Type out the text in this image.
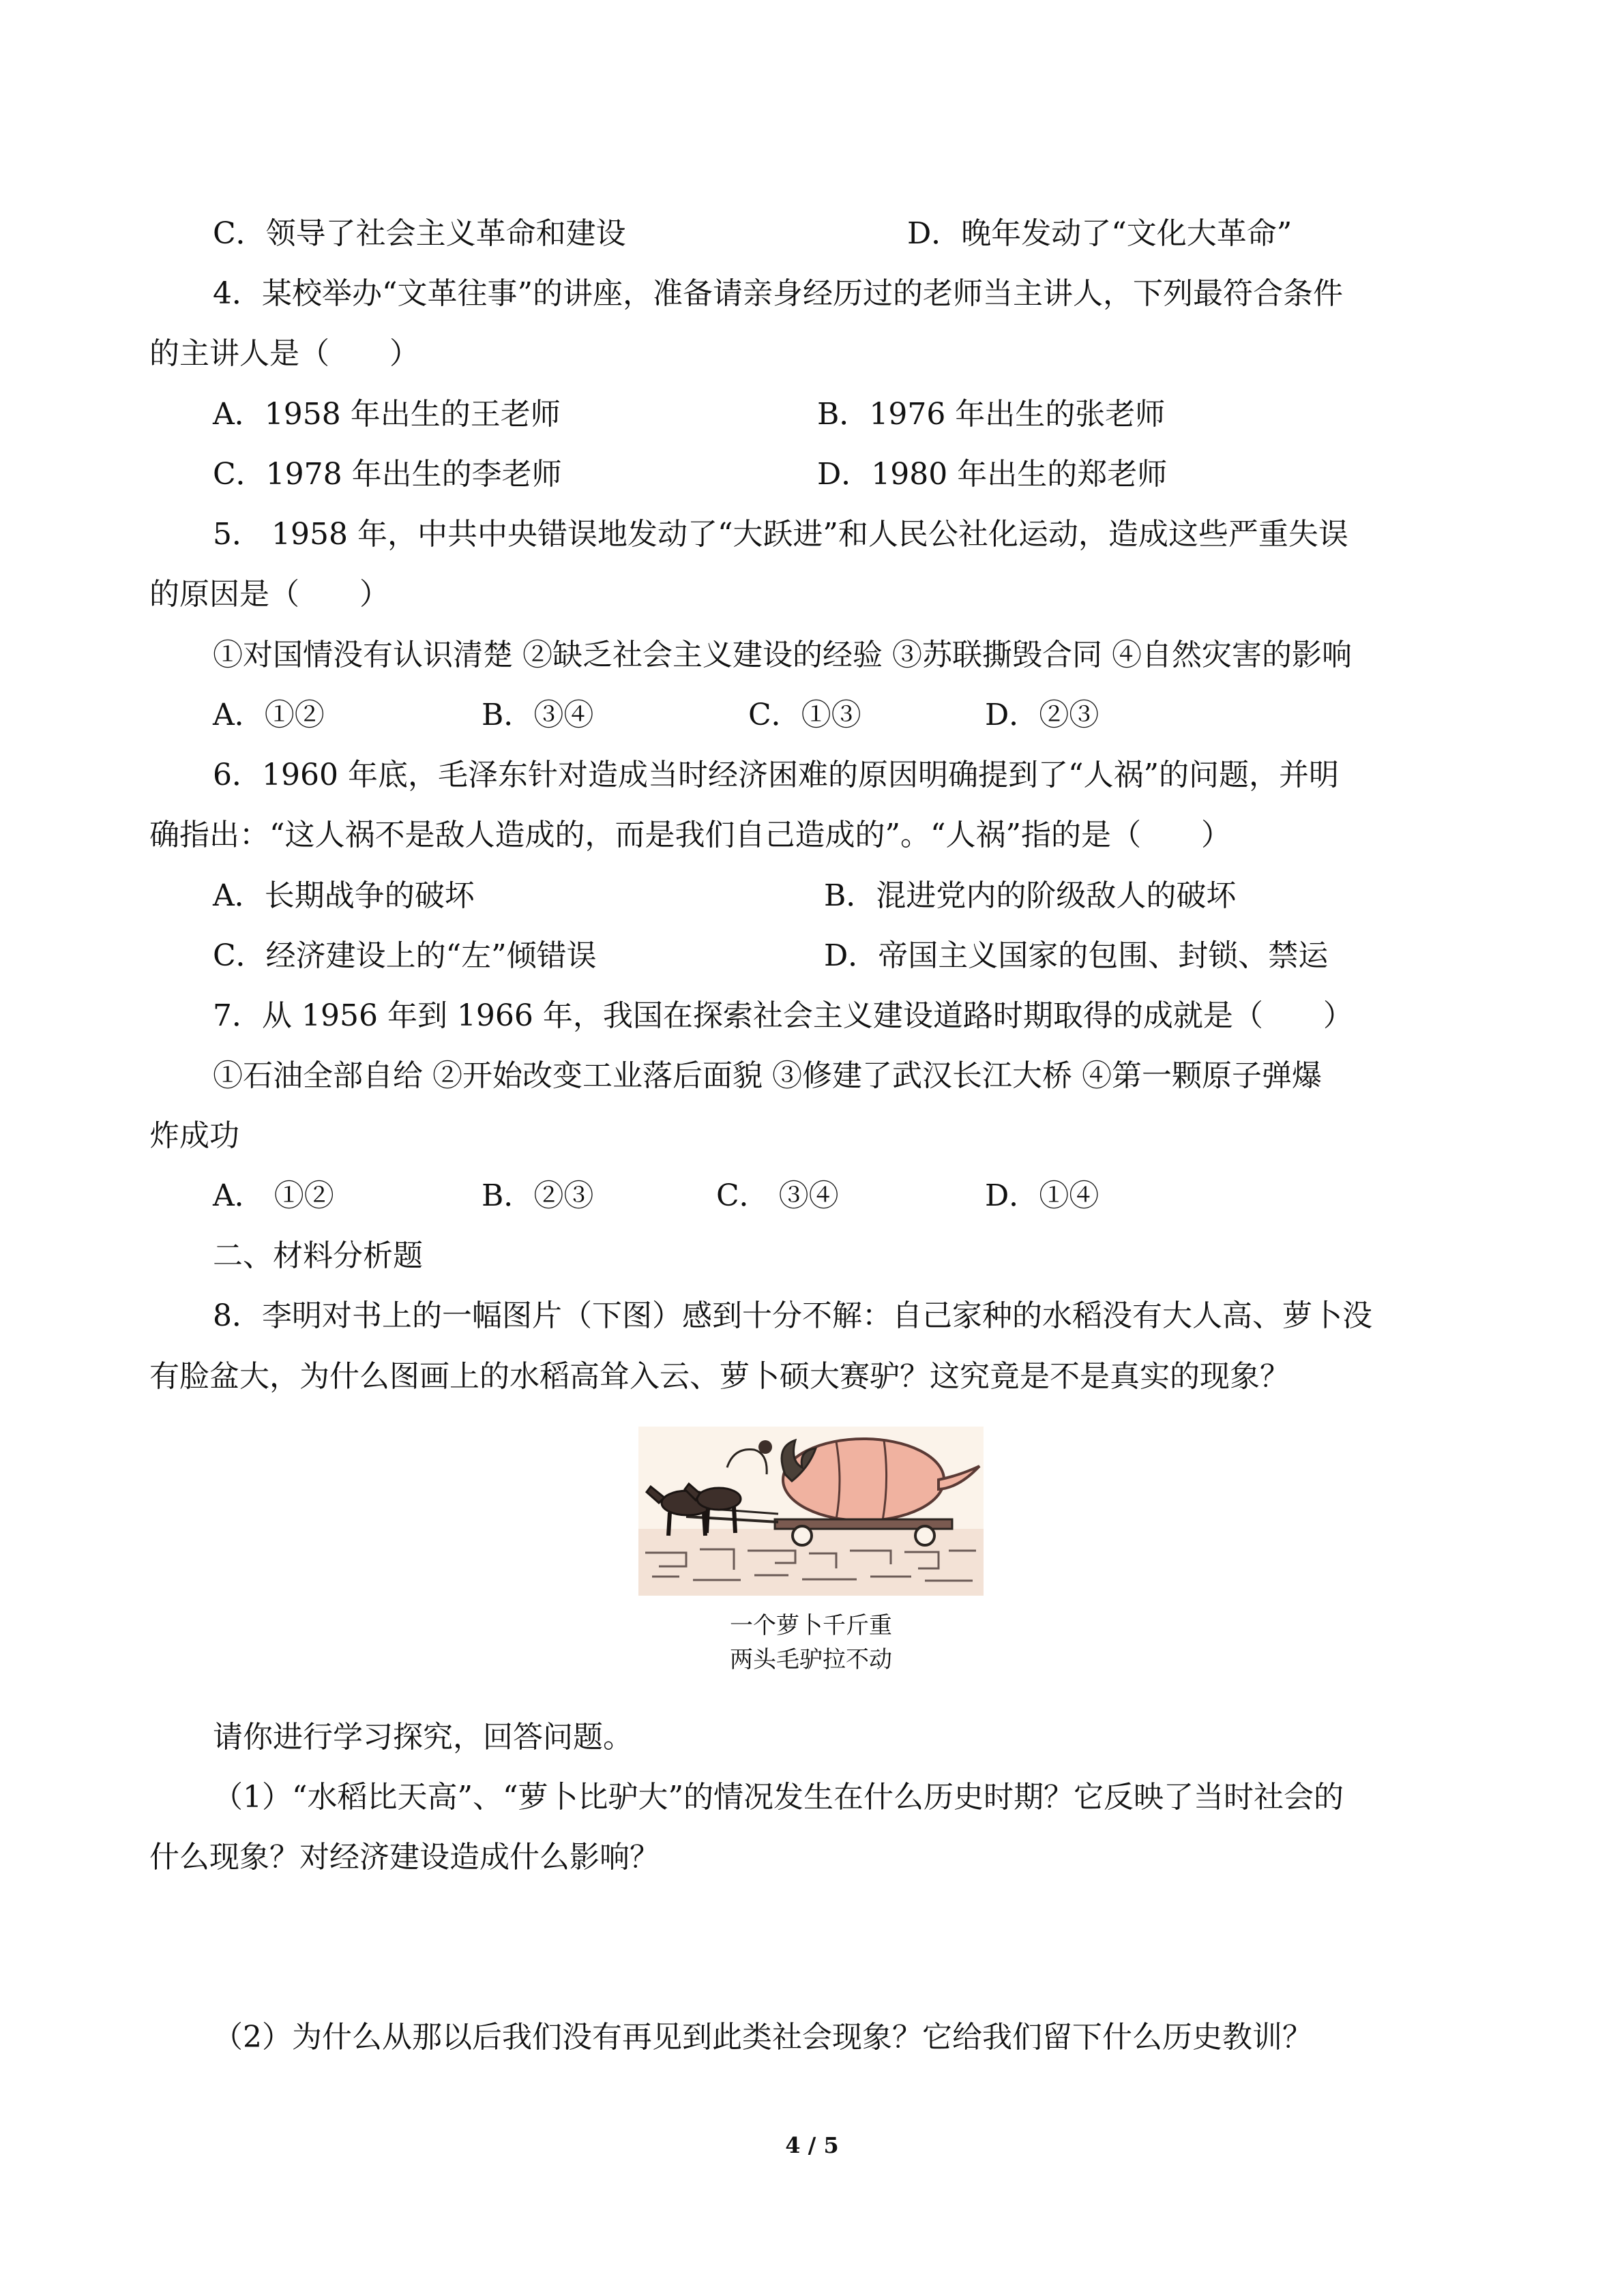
C．领导了社会主义革命和建设	D．晚年发动了“文化大革命”
4．某校举办“文革往事”的讲座，准备请亲身经历过的老师当主讲人，下列最符合条件
的主讲人是（　　）
A．1958 年出生的王老师	B．1976 年出生的张老师
C．1978 年出生的李老师	D．1980 年出生的郑老师
5． 1958 年，中共中央错误地发动了“大跃进”和人民公社化运动，造成这些严重失误
的原因是（　　）
①对国情没有认识清楚 ②缺乏社会主义建设的经验 ③苏联撕毁合同 ④自然灾害的影响
A．①②	B．③④	C．①③	D．②③
6．1960 年底，毛泽东针对造成当时经济困难的原因明确提到了“人祸”的问题，并明
确指出：“这人祸不是敌人造成的，而是我们自己造成的”。“人祸”指的是（　　）
A．长期战争的破坏	B．混进党内的阶级敌人的破坏
C．经济建设上的“左”倾错误	D．帝国主义国家的包围、封锁、禁运
7．从 1956 年到 1966 年，我国在探索社会主义建设道路时期取得的成就是（　　）
①石油全部自给 ②开始改变工业落后面貌 ③修建了武汉长江大桥 ④第一颗原子弹爆
炸成功
A． ①②	B．②③	C． ③④	D．①④
二、材料分析题
8．李明对书上的一幅图片（下图）感到十分不解：自己家种的水稻没有大人高、萝卜没
有脸盆大，为什么图画上的水稻高耸入云、萝卜硕大赛驴？这究竟是不是真实的现象？
一个萝卜千斤重
两头毛驴拉不动
请你进行学习探究，回答问题。
（1）“水稻比天高”、“萝卜比驴大”的情况发生在什么历史时期？它反映了当时社会的
什么现象？对经济建设造成什么影响？
（2）为什么从那以后我们没有再见到此类社会现象？它给我们留下什么历史教训？
4 / 5
